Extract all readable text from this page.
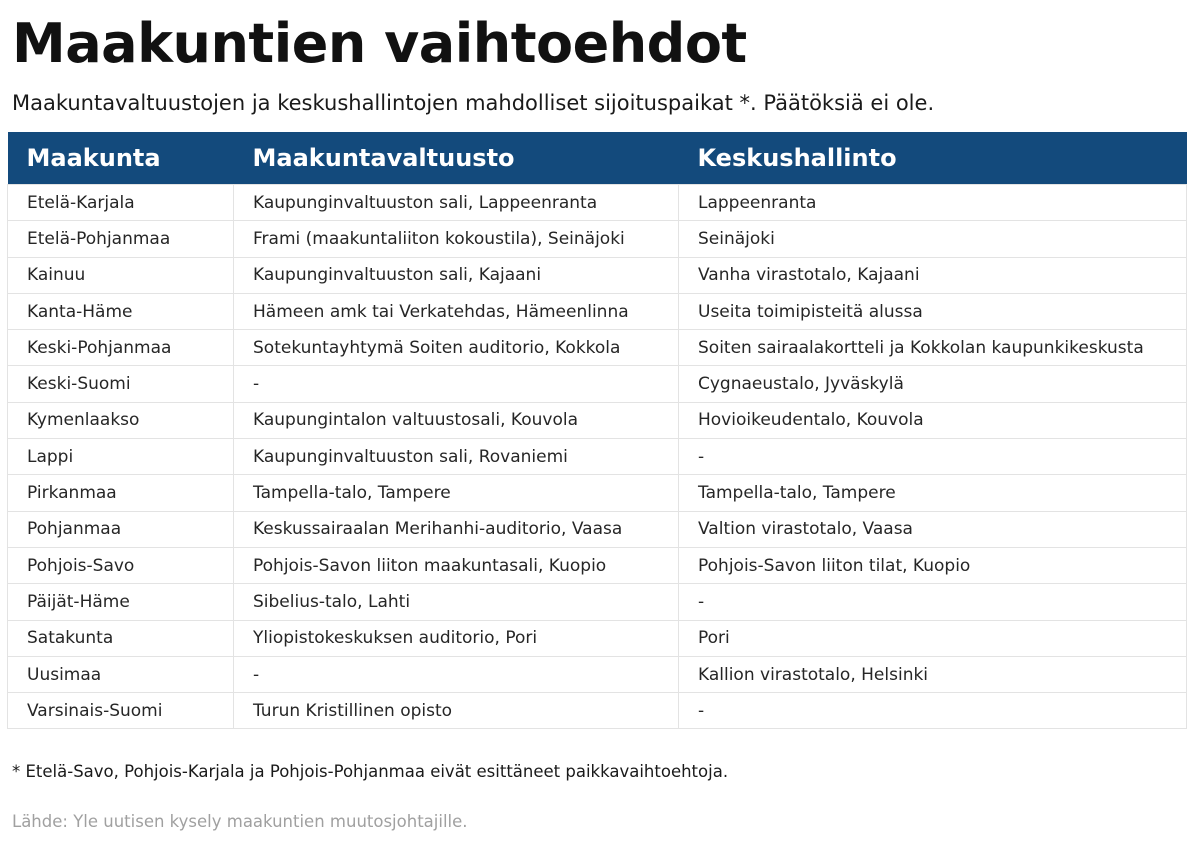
Maakuntien vaihtoehdot

Maakuntavaltuustojen ja keskushallintojen mahdolliset sijoituspaikat *. Päätöksiä ei ole.

Maakunta	Maakuntavaltuusto	Keskushallinto
Etelä-Karjala	Kaupunginvaltuuston sali, Lappeenranta	Lappeenranta
Etelä-Pohjanmaa	Frami (maakuntaliiton kokoustila), Seinäjoki	Seinäjoki
Kainuu	Kaupunginvaltuuston sali, Kajaani	Vanha virastotalo, Kajaani
Kanta-Häme	Hämeen amk tai Verkatehdas, Hämeenlinna	Useita toimipisteitä alussa
Keski-Pohjanmaa	Sotekuntayhtymä Soiten auditorio, Kokkola	Soiten sairaalakortteli ja Kokkolan kaupunkikeskusta
Keski-Suomi	-	Cygnaeustalo, Jyväskylä
Kymenlaakso	Kaupungintalon valtuustosali, Kouvola	Hovioikeudentalo, Kouvola
Lappi	Kaupunginvaltuuston sali, Rovaniemi	-
Pirkanmaa	Tampella-talo, Tampere	Tampella-talo, Tampere
Pohjanmaa	Keskussairaalan Merihanhi-auditorio, Vaasa	Valtion virastotalo, Vaasa
Pohjois-Savo	Pohjois-Savon liiton maakuntasali, Kuopio	Pohjois-Savon liiton tilat, Kuopio
Päijät-Häme	Sibelius-talo, Lahti	-
Satakunta	Yliopistokeskuksen auditorio, Pori	Pori
Uusimaa	-	Kallion virastotalo, Helsinki
Varsinais-Suomi	Turun Kristillinen opisto	-

* Etelä-Savo, Pohjois-Karjala ja Pohjois-Pohjanmaa eivät esittäneet paikkavaihtoehtoja.

Lähde: Yle uutisen kysely maakuntien muutosjohtajille.
